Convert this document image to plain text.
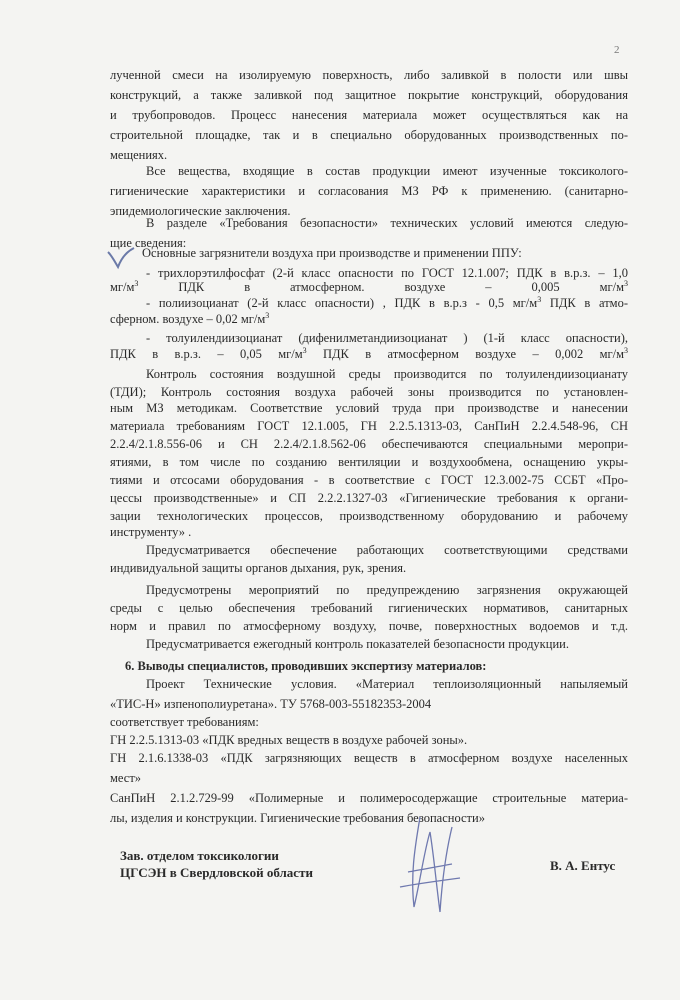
2
лученной смеси на изолируемую поверхность, либо заливкой в полости или швы
конструкций, а также заливкой под защитное покрытие конструкций, оборудования
и трубопроводов. Процесс нанесения материала может осуществляться как на
строительной площадке, так и в специально оборудованных производственных по-
мещениях.
Все вещества, входящие в состав продукции имеют изученные токсиколого-
гигиенические характеристики и согласования МЗ РФ к применению. (санитарно-
эпидемиологические заключения.
В разделе «Требования безопасности» технических условий имеются следую-
щие сведения:
Основные загрязнители воздуха при производстве и применении ППУ:
- трихлорэтилфосфат (2-й класс опасности по ГОСТ 12.1.007; ПДК в в.р.з. – 1,0
$мг/м^3$ ПДК в атмосферном. воздухе – 0,005 $мг/м^3$
- полиизоцианат (2-й класс опасности) , ПДК в в.р.з - 0,5 $мг/м^3$ ПДК в атмо-
сферном. воздухе – 0,02 $мг/м^3$
- толуилендиизоцианат (дифенилметандиизоцианат ) (1-й класс опасности),
ПДК в в.р.з. – 0,05 $мг/м^3$ ПДК в атмосферном воздухе – 0,002 $мг/м^3$
Контроль состояния воздушной среды производится по толуилендиизоцианату
(ТДИ); Контроль состояния воздуха рабочей зоны производится по установлен-
ным МЗ методикам. Соответствие условий труда при производстве и нанесении
материала требованиям ГОСТ 12.1.005, ГН 2.2.5.1313-03, СанПиН 2.2.4.548-96, СН
2.2.4/2.1.8.556-06 и СН 2.2.4/2.1.8.562-06 обеспечиваются специальными меропри-
ятиями, в том числе по созданию вентиляции и воздухообмена, оснащению укры-
тиями и отсосами оборудования - в соответствие с ГОСТ 12.3.002-75 ССБТ «Про-
цессы производственные» и СП 2.2.2.1327-03 «Гигиенические требования к органи-
зации технологических процессов, производственному оборудованию и рабочему
инструменту» .
Предусматривается обеспечение работающих соответствующими средствами
индивидуальной защиты органов дыхания, рук, зрения.
Предусмотрены мероприятий по предупреждению загрязнения окружающей
среды с целью обеспечения требований гигиенических нормативов, санитарных
норм и правил по атмосферному воздуху, почве, поверхностных водоемов и т.д.
Предусматривается ежегодный контроль показателей безопасности продукции.
6. Выводы специалистов, проводивших экспертизу материалов:
Проект Технические условия. «Материал теплоизоляционный напыляемый
«ТИС-Н» изпенополиуретана». ТУ 5768-003-55182353-2004
соответствует требованиям:
ГН 2.2.5.1313-03 «ПДК вредных веществ в воздухе рабочей зоны».
ГН 2.1.6.1338-03 «ПДК загрязняющих веществ в атмосферном воздухе населенных
мест»
СанПиН 2.1.2.729-99 «Полимерные и полимеросодержащие строительные материа-
лы, изделия и конструкции. Гигиенические требования безопасности»
Зав. отделом токсикологии
ЦГСЭН в Свердловской области	В. А. Ентус
